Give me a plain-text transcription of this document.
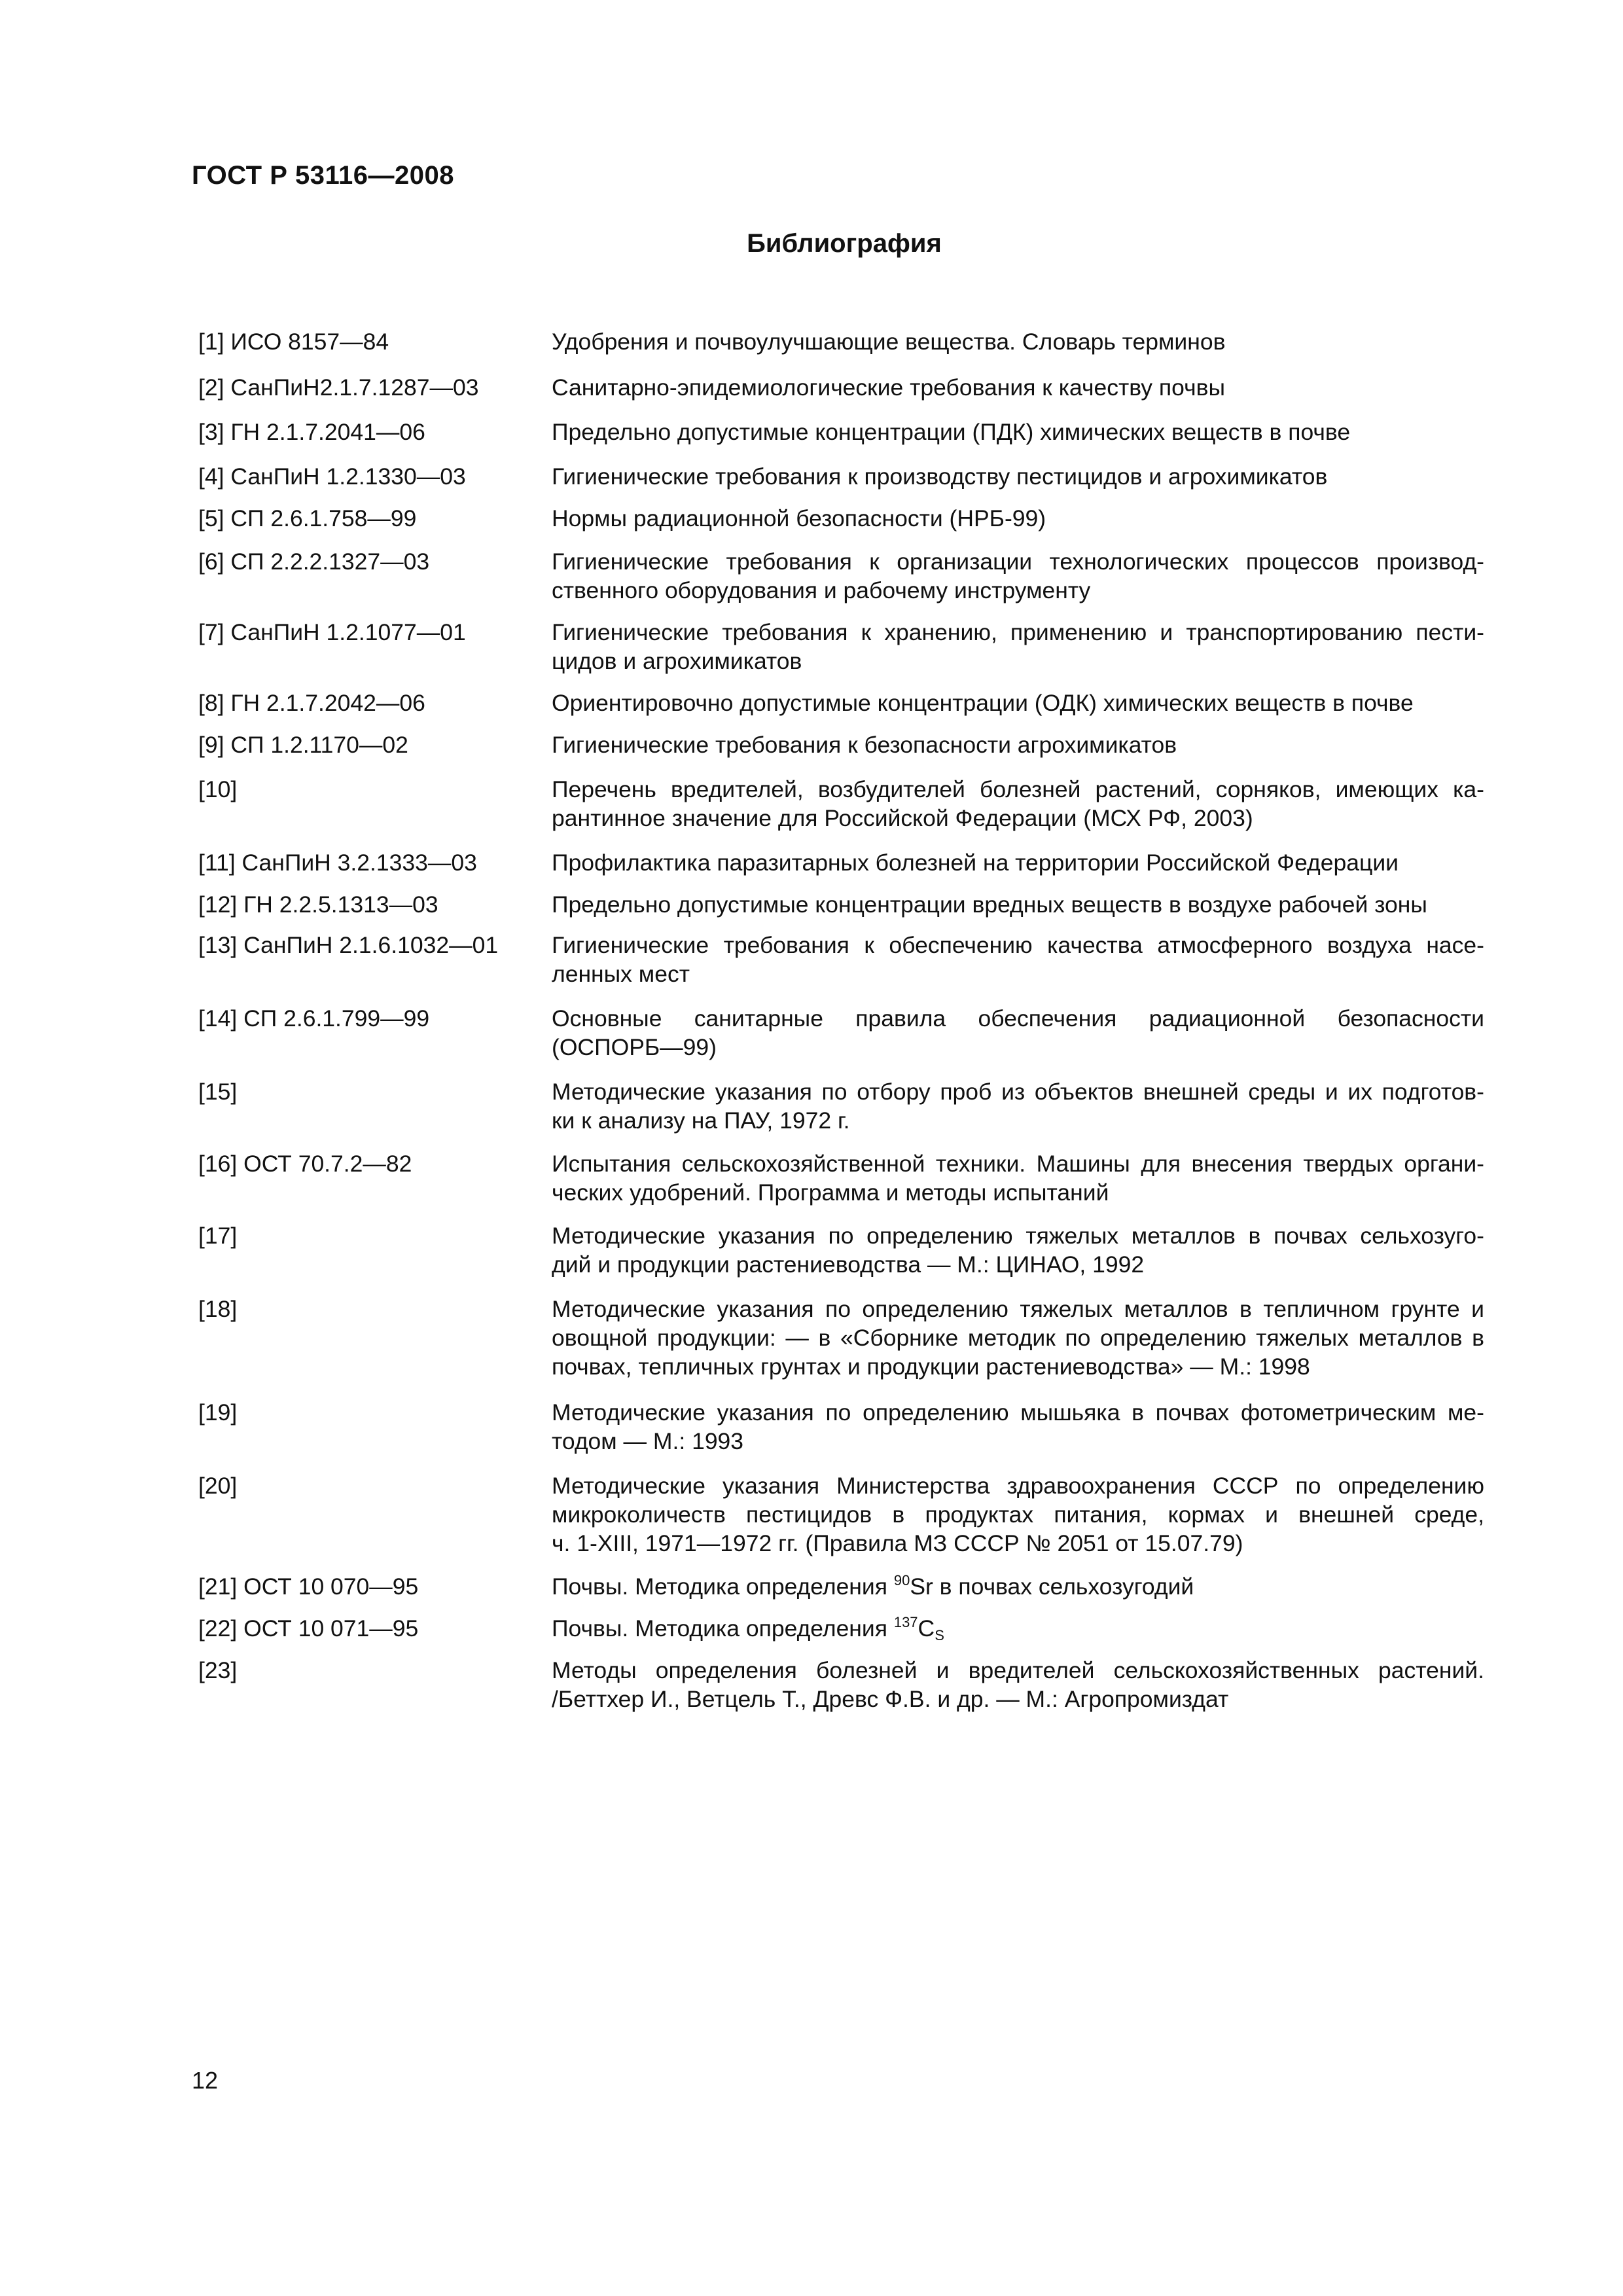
ГОСТ Р 53116—2008
Библиография
[1] ИСО 8157—84	Удобрения и почвоулучшающие вещества. Словарь терминов
[2] СанПиН2.1.7.1287—03	Санитарно-эпидемиологические требования к качеству почвы
[3] ГН 2.1.7.2041—06	Предельно допустимые концентрации (ПДК) химических веществ в почве
[4] СанПиН 1.2.1330—03	Гигиенические требования к производству пестицидов и агрохимикатов
[5] СП 2.6.1.758—99	Нормы радиационной безопасности (НРБ-99)
[6] СП 2.2.2.1327—03	Гигиенические требования к организации технологических процессов производ-
ственного оборудования и рабочему инструменту
[7] СанПиН 1.2.1077—01	Гигиенические требования к хранению, применению и транспортированию пести-
цидов и агрохимикатов
[8] ГН 2.1.7.2042—06	Ориентировочно допустимые концентрации (ОДК) химических веществ в почве
[9] СП 1.2.1170—02	Гигиенические требования к безопасности агрохимикатов
[10]	Перечень вредителей, возбудителей болезней растений, сорняков, имеющих ка-
рантинное значение для Российской Федерации (МСХ РФ, 2003)
[11] СанПиН 3.2.1333—03	Профилактика паразитарных болезней на территории Российской Федерации
[12] ГН 2.2.5.1313—03	Предельно допустимые концентрации вредных веществ в воздухе рабочей зоны
[13] СанПиН 2.1.6.1032—01	Гигиенические требования к обеспечению качества атмосферного воздуха насе-
ленных мест
[14] СП 2.6.1.799—99	Основные санитарные правила обеспечения радиационной безопасности
(ОСПОРБ—99)
[15]	Методические указания по отбору проб из объектов внешней среды и их подготов-
ки к анализу на ПАУ, 1972 г.
[16] ОСТ 70.7.2—82	Испытания сельскохозяйственной техники. Машины для внесения твердых органи-
ческих удобрений. Программа и методы испытаний
[17]	Методические указания по определению тяжелых металлов в почвах сельхозуго-
дий и продукции растениеводства — М.: ЦИНАО, 1992
[18]	Методические указания по определению тяжелых металлов в тепличном грунте и
овощной продукции: — в «Сборнике методик по определению тяжелых металлов в
почвах, тепличных грунтах и продукции растениеводства» — М.: 1998
[19]	Методические указания по определению мышьяка в почвах фотометрическим ме-
тодом — М.: 1993
[20]	Методические указания Министерства здравоохранения СССР по определению
микроколичеств пестицидов в продуктах питания, кормах и внешней среде,
ч. 1-XIII, 1971—1972 гг. (Правила МЗ СССР № 2051 от 15.07.79)
[21] ОСТ 10 070—95	Почвы. Методика определения $^{90}$Sr в почвах сельхозугодий
[22] ОСТ 10 071—95	Почвы. Методика определения $^{137}C_S$
[23]	Методы определения болезней и вредителей сельскохозяйственных растений.
/Беттхер И., Ветцель Т., Древс Ф.В. и др. — М.: Агропромиздат
12
